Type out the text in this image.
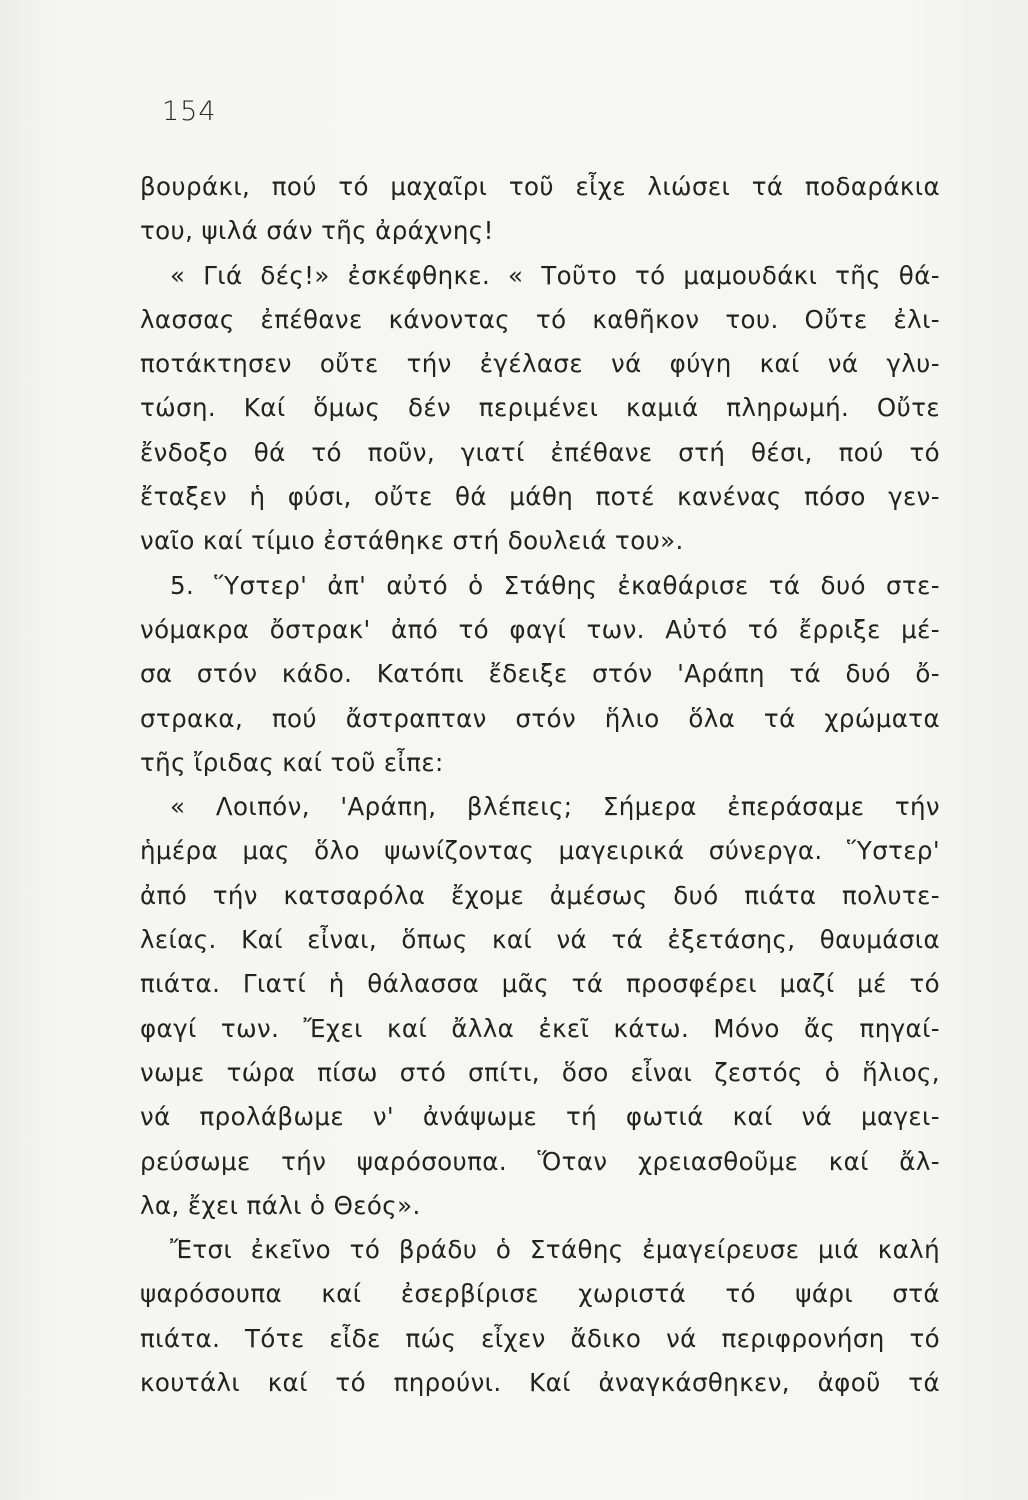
154
βουράκι, πού τό μαχαῖρι τοῦ εἶχε λιώσει τά ποδαράκια
του, ψιλά σάν τῆς ἀράχνης!
« Γιά δές!» ἐσκέφθηκε. « Τοῦτο τό μαμουδάκι τῆς θά-
λασσας ἐπέθανε κάνοντας τό καθῆκον του. Οὔτε ἐλι-
ποτάκτησεν οὔτε τήν ἐγέλασε νά φύγη καί νά γλυ-
τώση. Καί ὅμως δέν περιμένει καμιά πληρωμή. Οὔτε
ἔνδοξο θά τό ποῦν, γιατί ἐπέθανε στή θέσι, πού τό
ἔταξεν ἡ φύσι, οὔτε θά μάθη ποτέ κανένας πόσο γεν-
ναῖο καί τίμιο ἐστάθηκε στή δουλειά του».
5. Ὕστερ' ἀπ' αὐτό ὁ Στάθης ἐκαθάρισε τά δυό στε-
νόμακρα ὄστρακ' ἀπό τό φαγί των. Αὐτό τό ἔρριξε μέ-
σα στόν κάδο. Κατόπι ἔδειξε στόν 'Αράπη τά δυό ὄ-
στρακα, πού ἄστραπταν στόν ἥλιο ὅλα τά χρώματα
τῆς ἴριδας καί τοῦ εἶπε:
« Λοιπόν, 'Αράπη, βλέπεις; Σήμερα ἐπεράσαμε τήν
ἡμέρα μας ὅλο ψωνίζοντας μαγειρικά σύνεργα. Ὕστερ'
ἀπό τήν κατσαρόλα ἔχομε ἀμέσως δυό πιάτα πολυτε-
λείας. Καί εἶναι, ὅπως καί νά τά ἐξετάσης, θαυμάσια
πιάτα. Γιατί ἡ θάλασσα μᾶς τά προσφέρει μαζί μέ τό
φαγί των. Ἔχει καί ἄλλα ἐκεῖ κάτω. Μόνο ἄς πηγαί-
νωμε τώρα πίσω στό σπίτι, ὅσο εἶναι ζεστός ὁ ἥλιος,
νά προλάβωμε ν' ἀνάψωμε τή φωτιά καί νά μαγει-
ρεύσωμε τήν ψαρόσουπα. Ὅταν χρειασθοῦμε καί ἄλ-
λα, ἔχει πάλι ὁ Θεός».
Ἔτσι ἐκεῖνο τό βράδυ ὁ Στάθης ἐμαγείρευσε μιά καλή
ψαρόσουπα καί ἐσερβίρισε χωριστά τό ψάρι στά
πιάτα. Τότε εἶδε πώς εἶχεν ἄδικο νά περιφρονήση τό
κουτάλι καί τό πηρούνι. Καί ἀναγκάσθηκεν, ἀφοῦ τά
